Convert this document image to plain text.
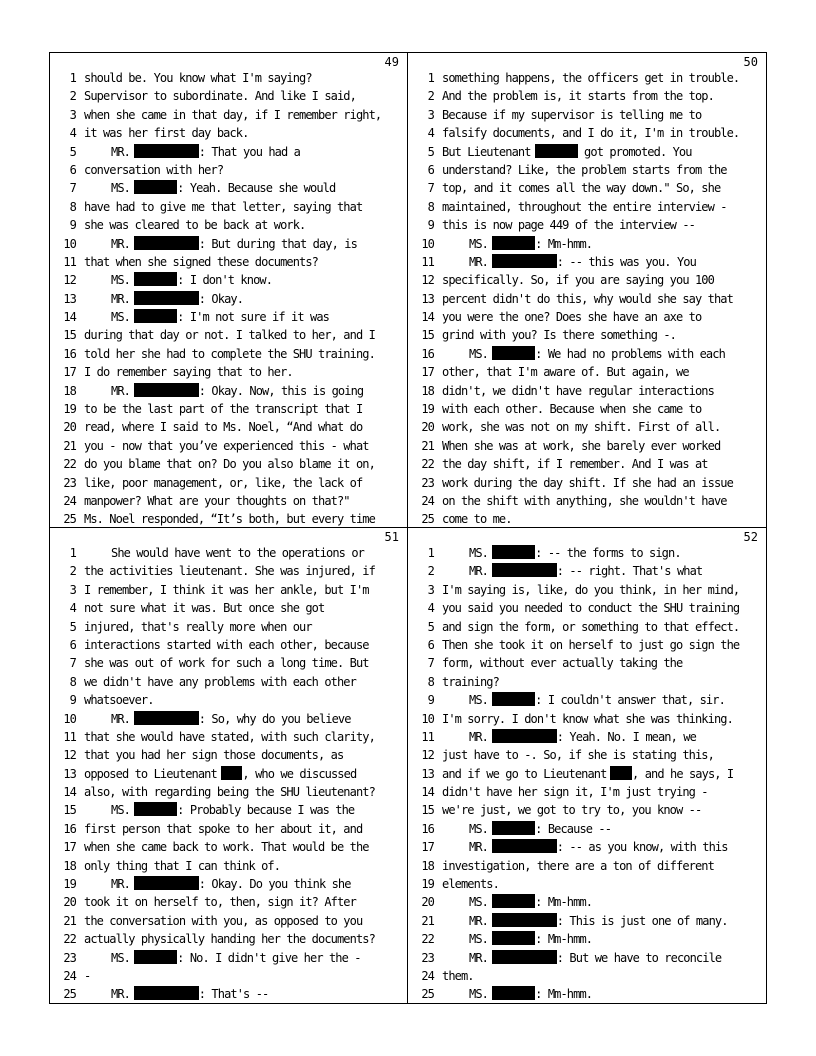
49
1 should be. You know what I'm saying?
2 Supervisor to subordinate. And like I said,
3 when she came in that day, if I remember right,
4 it was her first day back.
5	MR.	: That you had a
6 conversation with her?
7	MS.	: Yeah. Because she would
8 have had to give me that letter, saying that
9 she was cleared to be back at work.
10	MR.	: But during that day, is
11 that when she signed these documents?
12	MS.	: I don't know.
13	MR.	: Okay.
14	MS.	: I'm not sure if it was
15 during that day or not. I talked to her, and I
16 told her she had to complete the SHU training.
17 I do remember saying that to her.
18	MR.	: Okay. Now, this is going
19 to be the last part of the transcript that I
20 read, where I said to Ms. Noel, “And what do
21 you - now that you’ve experienced this - what
22 do you blame that on? Do you also blame it on,
23 like, poor management, or, like, the lack of
24 manpower? What are your thoughts on that?"
25 Ms. Noel responded, “It’s both, but every time
50
1 something happens, the officers get in trouble.
2 And the problem is, it starts from the top.
3 Because if my supervisor is telling me to
4 falsify documents, and I do it, I'm in trouble.
5 But Lieutenant	got promoted. You
6 understand? Like, the problem starts from the
7 top, and it comes all the way down." So, she
8 maintained, throughout the entire interview -
9 this is now page 449 of the interview --
10	MS.	: Mm-hmm.
11	MR.	: -- this was you. You
12 specifically. So, if you are saying you 100
13 percent didn't do this, why would she say that
14 you were the one? Does she have an axe to
15 grind with you? Is there something -.
16	MS.	: We had no problems with each
17 other, that I'm aware of. But again, we
18 didn't, we didn't have regular interactions
19 with each other. Because when she came to
20 work, she was not on my shift. First of all.
21 When she was at work, she barely ever worked
22 the day shift, if I remember. And I was at
23 work during the day shift. If she had an issue
24 on the shift with anything, she wouldn't have
25 come to me.
51
1	She would have went to the operations or
2 the activities lieutenant. She was injured, if
3 I remember, I think it was her ankle, but I'm
4 not sure what it was. But once she got
5 injured, that's really more when our
6 interactions started with each other, because
7 she was out of work for such a long time. But
8 we didn't have any problems with each other
9 whatsoever.
10	MR.	: So, why do you believe
11 that she would have stated, with such clarity,
12 that you had her sign those documents, as
13 opposed to Lieutenant , who we discussed
14 also, with regarding being the SHU lieutenant?
15	MS.	: Probably because I was the
16 first person that spoke to her about it, and
17 when she came back to work. That would be the
18 only thing that I can think of.
19	MR.	: Okay. Do you think she
20 took it on herself to, then, sign it? After
21 the conversation with you, as opposed to you
22 actually physically handing her the documents?
23	MS.	: No. I didn't give her the -
24 -
25	MR.	: That's --
52
1	MS.	: -- the forms to sign.
2	MR.	: -- right. That's what
3 I'm saying is, like, do you think, in her mind,
4 you said you needed to conduct the SHU training
5 and sign the form, or something to that effect.
6 Then she took it on herself to just go sign the
7 form, without ever actually taking the
8 training?
9	MS.	: I couldn't answer that, sir.
10 I'm sorry. I don't know what she was thinking.
11	MR.	: Yeah. No. I mean, we
12 just have to -. So, if she is stating this,
13 and if we go to Lieutenant , and he says, I
14 didn't have her sign it, I'm just trying -
15 we're just, we got to try to, you know --
16	MS.	: Because --
17	MR.	: -- as you know, with this
18 investigation, there are a ton of different
19 elements.
20	MS.	: Mm-hmm.
21	MR.	: This is just one of many.
22	MS.	: Mm-hmm.
23	MR.	: But we have to reconcile
24 them.
25	MS.	: Mm-hmm.
